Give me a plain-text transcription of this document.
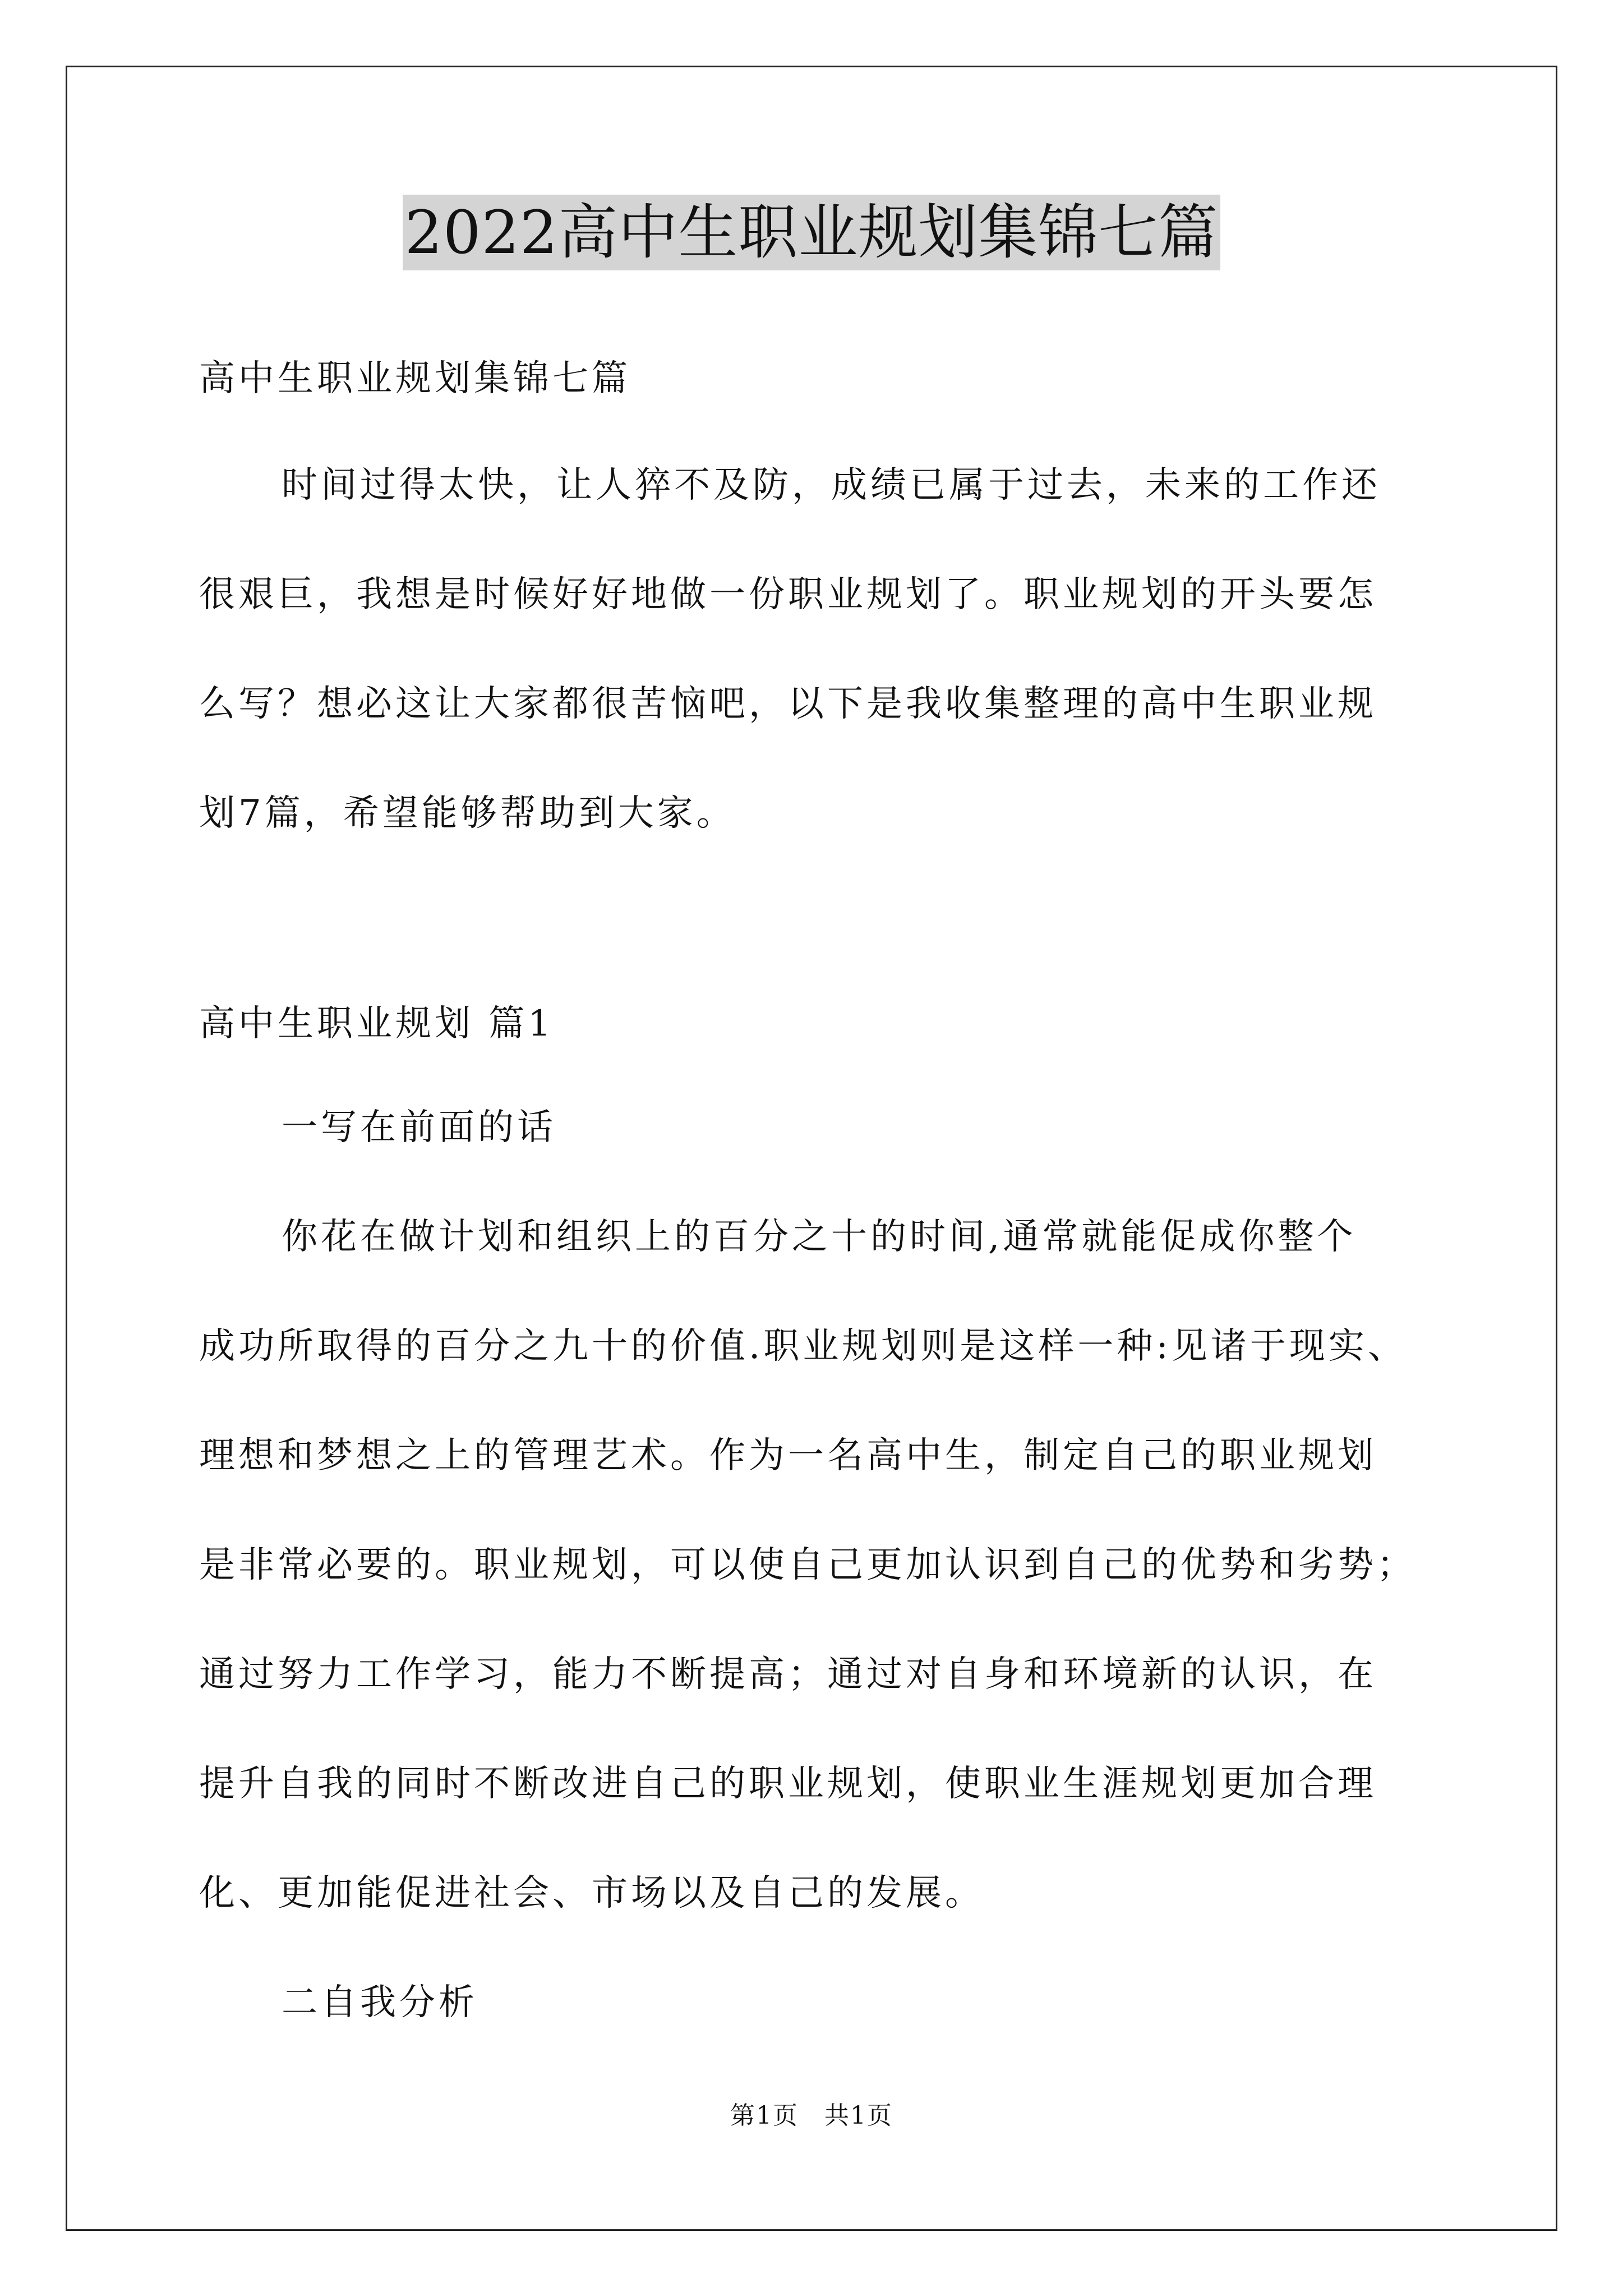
2022高中生职业规划集锦七篇
高中生职业规划集锦七篇
时间过得太快，让人猝不及防，成绩已属于过去，未来的工作还
很艰巨，我想是时候好好地做一份职业规划了。职业规划的开头要怎
么写？想必这让大家都很苦恼吧，以下是我收集整理的高中生职业规
划7篇，希望能够帮助到大家。
高中生职业规划 篇1
一写在前面的话
你花在做计划和组织上的百分之十的时间,通常就能促成你整个
成功所取得的百分之九十的价值.职业规划则是这样一种:见诸于现实、
理想和梦想之上的管理艺术。作为一名高中生，制定自己的职业规划
是非常必要的。职业规划，可以使自己更加认识到自己的优势和劣势；
通过努力工作学习，能力不断提高；通过对自身和环境新的认识，在
提升自我的同时不断改进自己的职业规划，使职业生涯规划更加合理
化、更加能促进社会、市场以及自己的发展。
二自我分析
第1页　共1页
